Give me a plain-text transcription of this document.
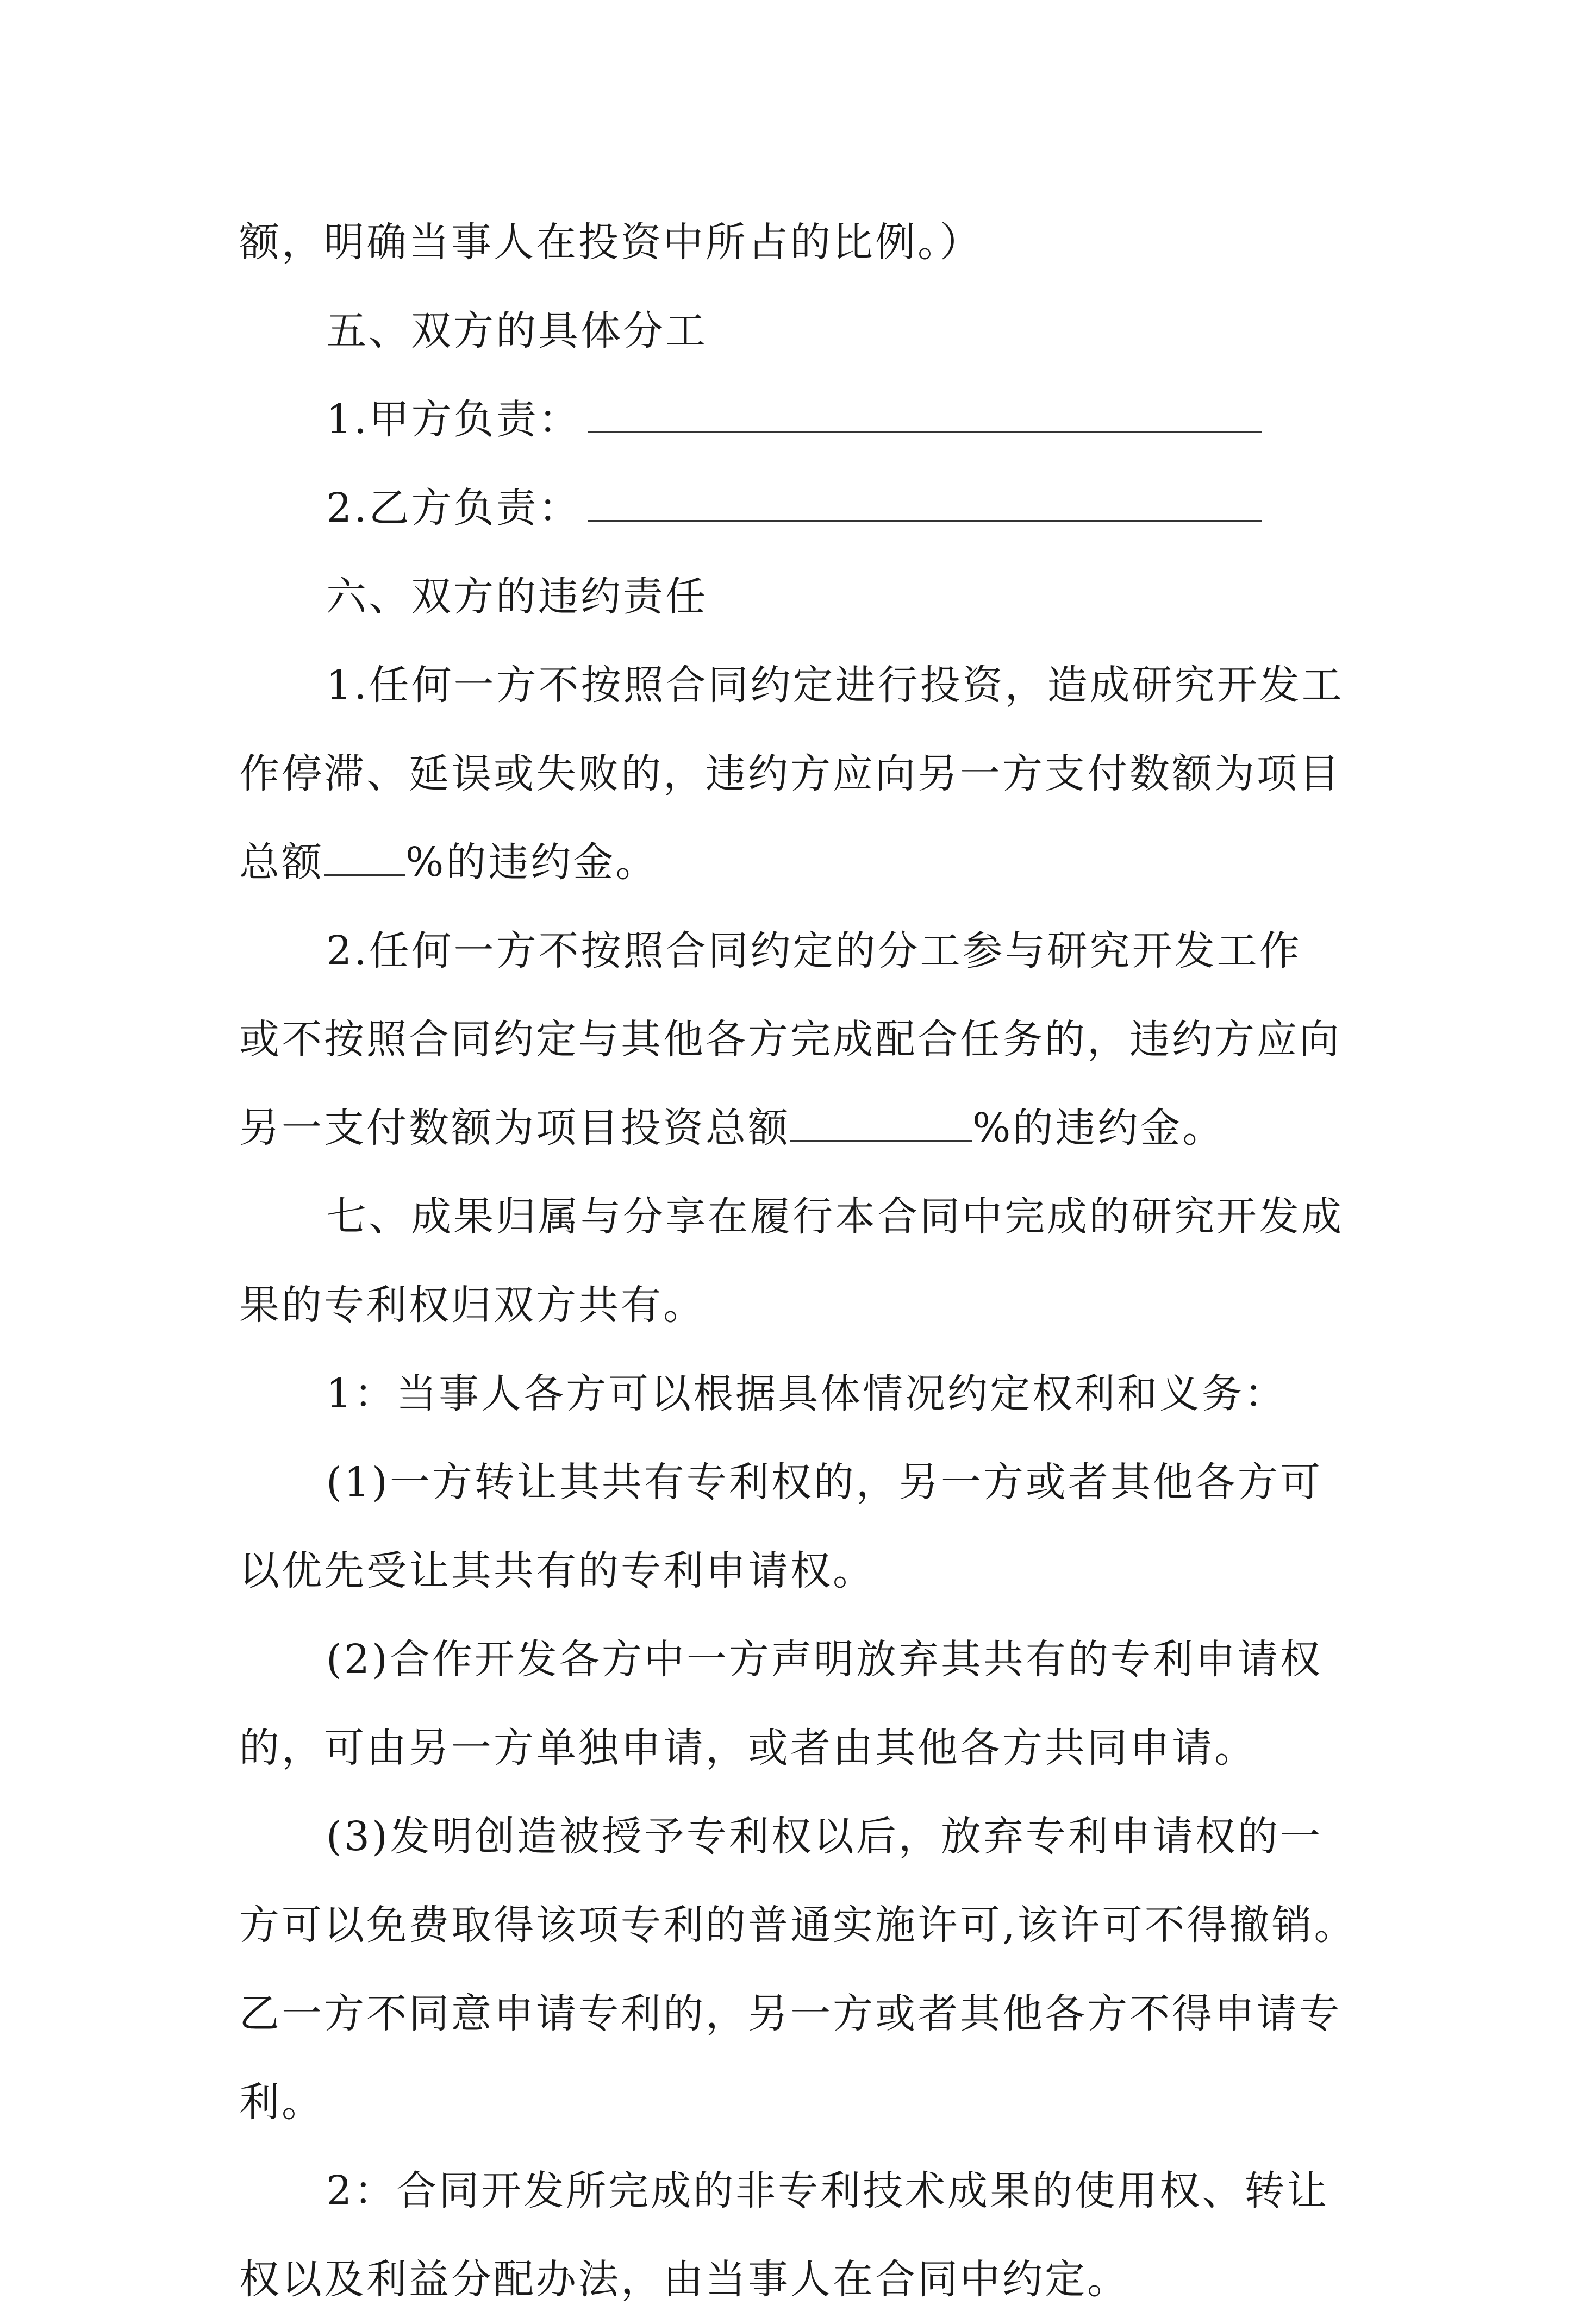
额，明确当事人在投资中所占的比例。）
五、双方的具体分工
1.甲方负责：
2.乙方负责：
六、双方的违约责任
1.任何一方不按照合同约定进行投资，造成研究开发工
作停滞、延误或失败的，违约方应向另一方支付数额为项目
总额 %的违约金。
2.任何一方不按照合同约定的分工参与研究开发工作
或不按照合同约定与其他各方完成配合任务的，违约方应向
另一支付数额为项目投资总额	%的违约金。
七、成果归属与分享在履行本合同中完成的研究开发成
果的专利权归双方共有。
1：当事人各方可以根据具体情况约定权利和义务：
(1)一方转让其共有专利权的，另一方或者其他各方可
以优先受让其共有的专利申请权。
(2)合作开发各方中一方声明放弃其共有的专利申请权
的，可由另一方单独申请，或者由其他各方共同申请。
(3)发明创造被授予专利权以后，放弃专利申请权的一
方可以免费取得该项专利的普通实施许可,该许可不得撤销。
乙一方不同意申请专利的，另一方或者其他各方不得申请专
利。
2：合同开发所完成的非专利技术成果的使用权、转让
权以及利益分配办法，由当事人在合同中约定。
